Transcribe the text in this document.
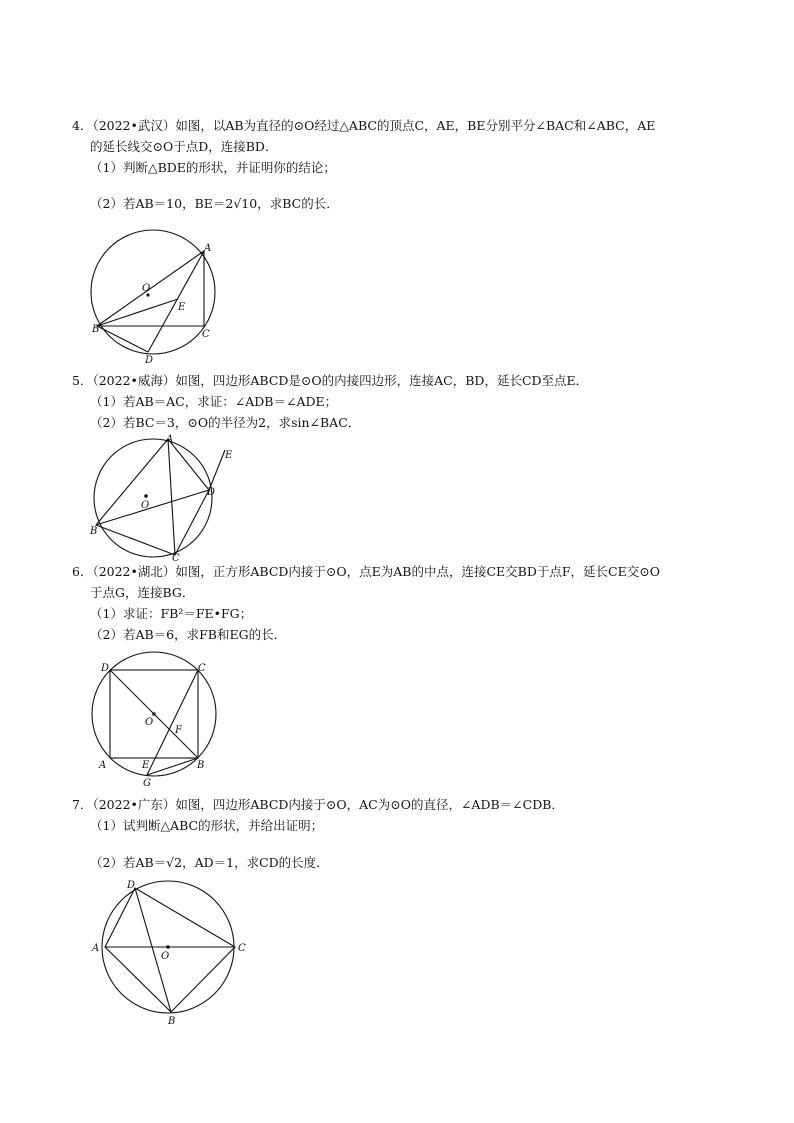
4．（2022•武汉）如图，以AB为直径的⊙O经过△ABC的顶点C，AE，BE分别平分∠BAC和∠ABC，AE
的延长线交⊙O于点D，连接BD．
（1）判断△BDE的形状，并证明你的结论；
（2）若AB＝10，BE＝2√10，求BC的长．
A
O
E
B	C
D
5．（2022•威海）如图，四边形ABCD是⊙O的内接四边形，连接AC，BD，延长CD至点E．
（1）若AB＝AC，求证：∠ADB＝∠ADE；
（2）若BC＝3，⊙O的半径为2，求sin∠BAC．
A
E
D
O
B
C
6．（2022•湖北）如图，正方形ABCD内接于⊙O，点E为AB的中点，连接CE交BD于点F，延长CE交⊙O
于点G，连接BG．
（1）求证：FB²＝FE•FG；
（2）若AB＝6，求FB和EG的长．
D	C
O
F
A	E	B
G
7．（2022•广东）如图，四边形ABCD内接于⊙O，AC为⊙O的直径，∠ADB＝∠CDB．
（1）试判断△ABC的形状，并给出证明；
（2）若AB＝√2，AD＝1，求CD的长度．
D
A
O
C
B
